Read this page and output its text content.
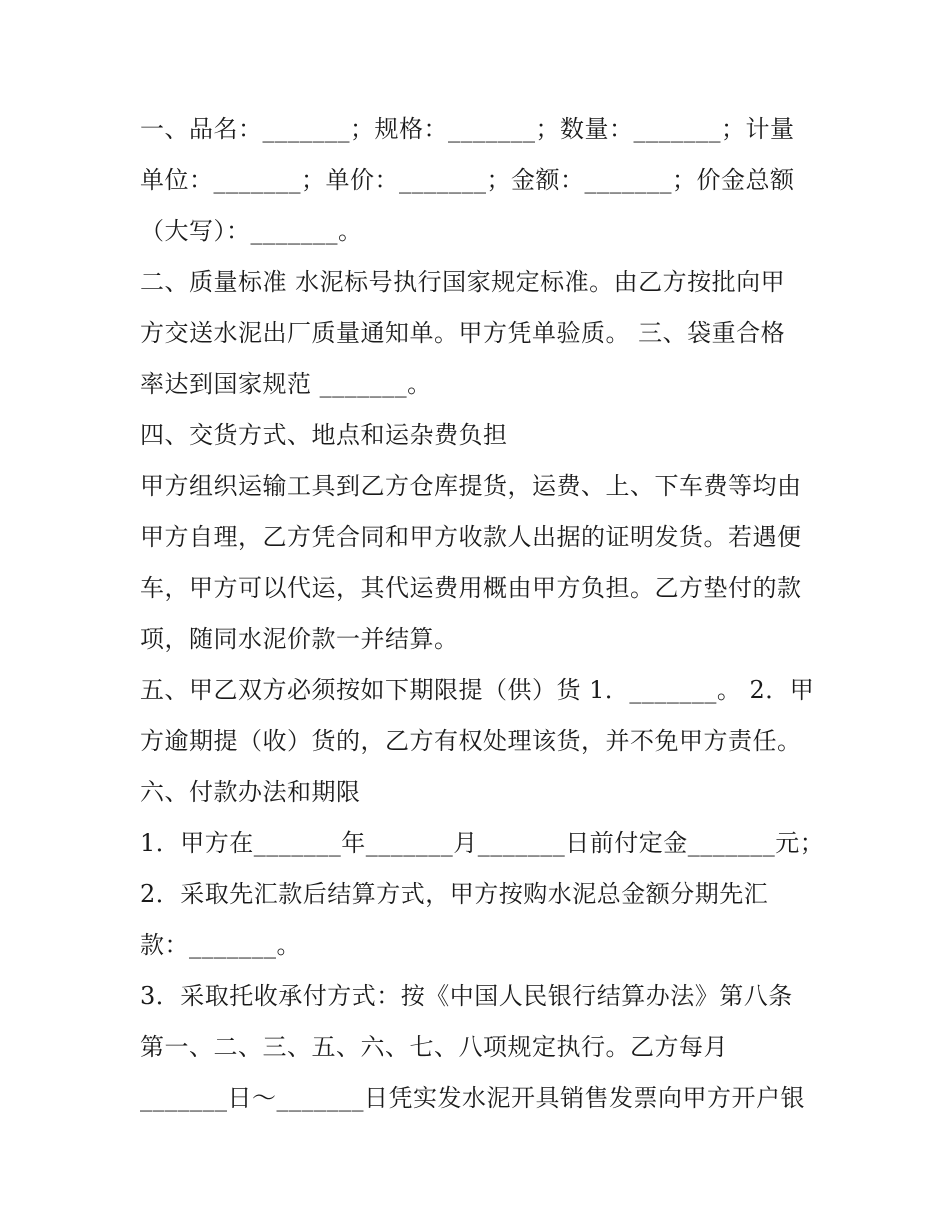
一、品名：_______；规格：_______；数量：_______；计量
单位：_______；单价：_______；金额：_______；价金总额
（大写）：_______。
二、质量标准 水泥标号执行国家规定标准。由乙方按批向甲
方交送水泥出厂质量通知单。甲方凭单验质。 三、袋重合格
率达到国家规范 _______。
四、交货方式、地点和运杂费负担
甲方组织运输工具到乙方仓库提货，运费、上、下车费等均由
甲方自理，乙方凭合同和甲方收款人出据的证明发货。若遇便
车，甲方可以代运，其代运费用概由甲方负担。乙方垫付的款
项，随同水泥价款一并结算。
五、甲乙双方必须按如下期限提（供）货 1．_______。 2．甲
方逾期提（收）货的，乙方有权处理该货，并不免甲方责任。
六、付款办法和期限
1．甲方在_______年_______月_______日前付定金_______元；
2．采取先汇款后结算方式，甲方按购水泥总金额分期先汇
款：_______。
3．采取托收承付方式：按《中国人民银行结算办法》第八条
第一、二、三、五、六、七、八项规定执行。乙方每月
_______日～_______日凭实发水泥开具销售发票向甲方开户银
